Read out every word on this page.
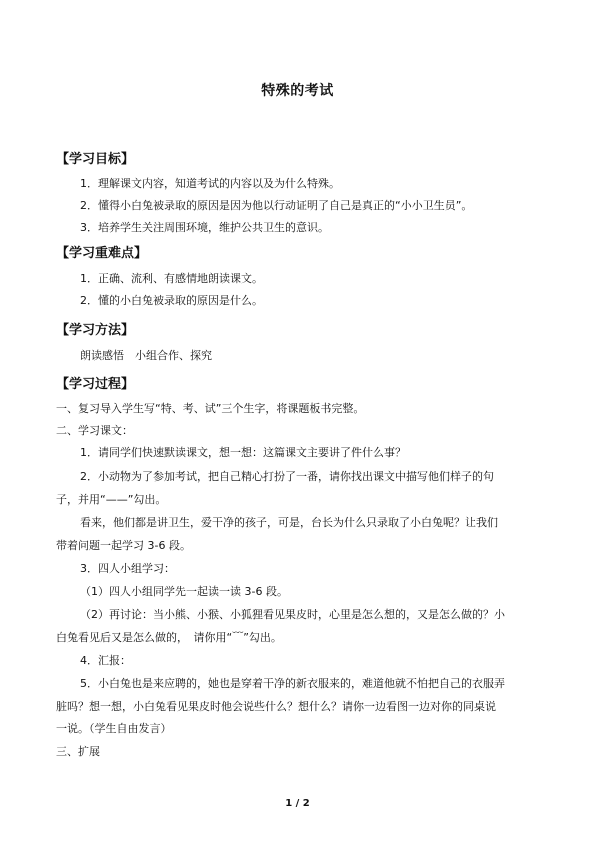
特殊的考试
【学习目标】
1．理解课文内容，知道考试的内容以及为什么特殊。
2．懂得小白兔被录取的原因是因为他以行动证明了自己是真正的“小小卫生员”。
3．培养学生关注周围环境，维护公共卫生的意识。
【学习重难点】
1．正确、流利、有感情地朗读课文。
2．懂的小白兔被录取的原因是什么。
【学习方法】
朗读感悟　小组合作、探究
【学习过程】
一、复习导入学生写“特、考、试”三个生字，将课题板书完整。
二、学习课文：
1．请同学们快速默读课文，想一想：这篇课文主要讲了件什么事？
2．小动物为了参加考试，把自己精心打扮了一番，请你找出课文中描写他们样子的句
子，并用“——”勾出。
看来，他们都是讲卫生，爱干净的孩子，可是，台长为什么只录取了小白兔呢？让我们
带着问题一起学习 3-6 段。
3．四人小组学习：
（1）四人小组同学先一起读一读 3-6 段。
（2）再讨论：当小熊、小猴、小狐狸看见果皮时，心里是怎么想的，又是怎么做的？小
白兔看见后又是怎么做的，　请你用“﹋”勾出。
4．汇报：
5．小白兔也是来应聘的，她也是穿着干净的新衣服来的，难道他就不怕把自己的衣服弄
脏吗？想一想，小白兔看见果皮时他会说些什么？想什么？请你一边看图一边对你的同桌说
一说。（学生自由发言）
三、扩展
1 / 2
